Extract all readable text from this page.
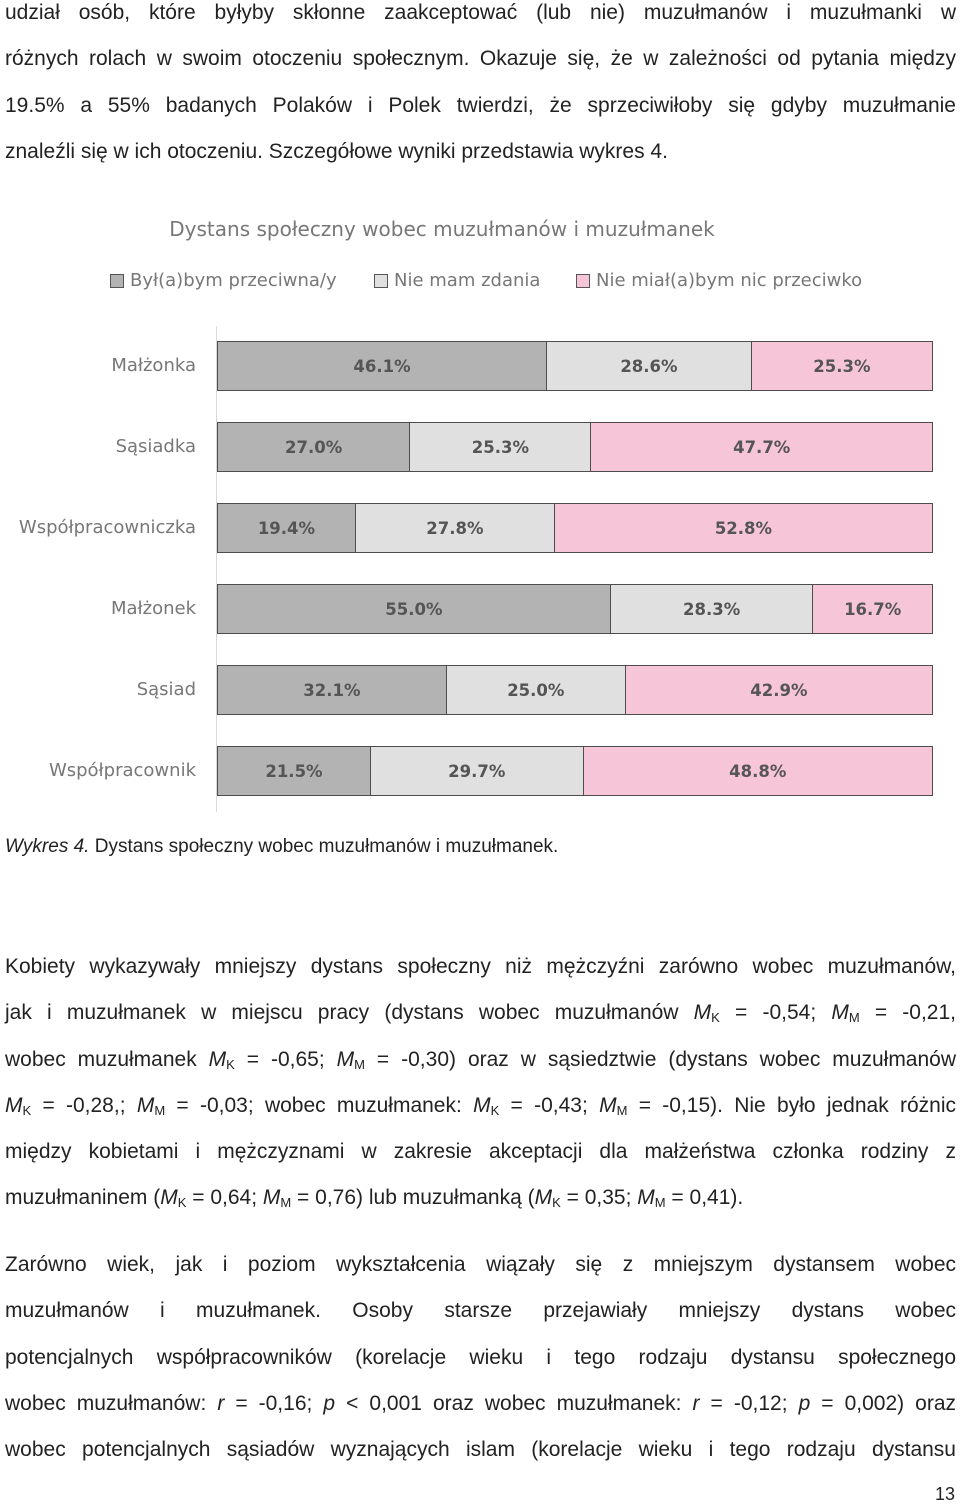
udział osób, które byłyby skłonne zaakceptować (lub nie) muzułmanów i muzułmanki w
różnych rolach w swoim otoczeniu społecznym. Okazuje się, że w zależności od pytania między
19.5% a 55% badanych Polaków i Polek twierdzi, że sprzeciwiłoby się gdyby muzułmanie
znaleźli się w ich otoczeniu. Szczegółowe wyniki przedstawia wykres 4.
Dystans społeczny wobec muzułmanów i muzułmanek
Był(a)bym przeciwna/y	Nie mam zdania	Nie miał(a)bym nic przeciwko
Małżonka	46.1%	28.6%	25.3%
Sąsiadka	27.0%	25.3%	47.7%
Współpracowniczka	19.4%	27.8%	52.8%
Małżonek	55.0%	28.3%	16.7%
Sąsiad	32.1%	25.0%	42.9%
Współpracownik	21.5%	29.7%	48.8%
Wykres 4. Dystans społeczny wobec muzułmanów i muzułmanek.
Kobiety wykazywały mniejszy dystans społeczny niż mężczyźni zarówno wobec muzułmanów,
jak i muzułmanek w miejscu pracy (dystans wobec muzułmanów $M_K = -0,54$; $M_M = -0,21$,
wobec muzułmanek $M_K = -0,65$; $M_M = -0,30$) oraz w sąsiedztwie (dystans wobec muzułmanów
$M_K = -0,28$,; $M_M = -0,03$; wobec muzułmanek: $M_K = -0,43$; $M_M = -0,15$). Nie było jednak różnic
między kobietami i mężczyznami w zakresie akceptacji dla małżeństwa członka rodziny z
muzułmaninem ($M_K = 0,64$; $M_M = 0,76$) lub muzułmanką ($M_K = 0,35$; $M_M = 0,41$).
Zarówno wiek, jak i poziom wykształcenia wiązały się z mniejszym dystansem wobec
muzułmanów i muzułmanek. Osoby starsze przejawiały mniejszy dystans wobec
potencjalnych współpracowników (korelacje wieku i tego rodzaju dystansu społecznego
wobec muzułmanów: r = -0,16; p < 0,001 oraz wobec muzułmanek: r = -0,12; p = 0,002) oraz
wobec potencjalnych sąsiadów wyznających islam (korelacje wieku i tego rodzaju dystansu
13
